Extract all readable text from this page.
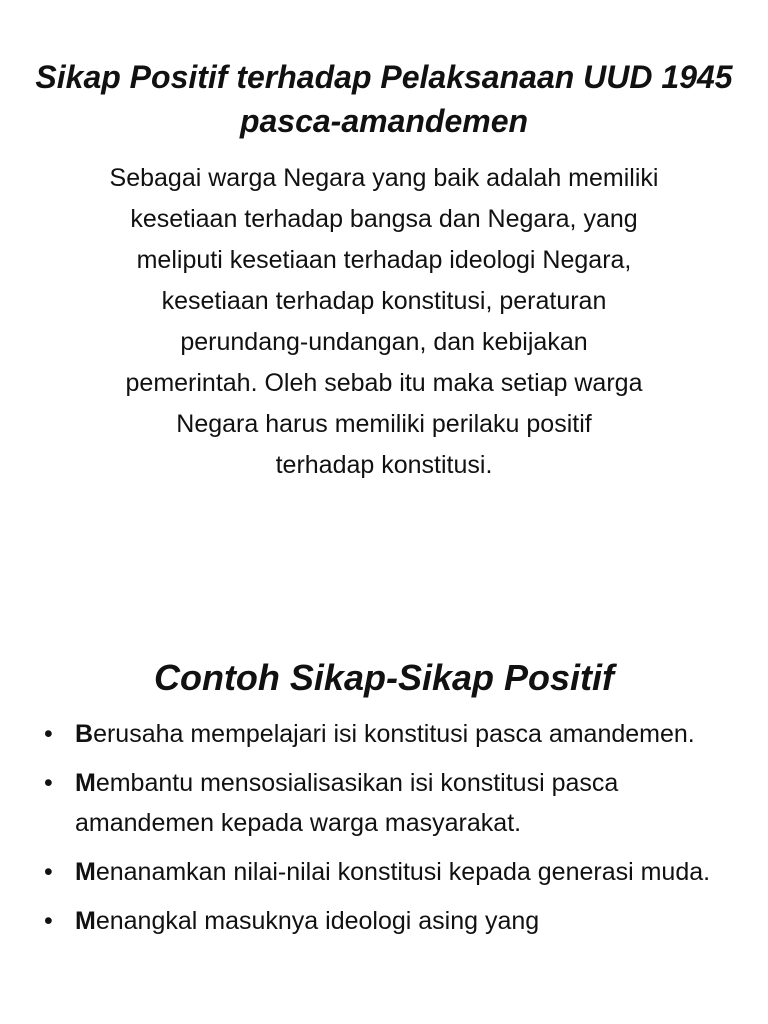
Sikap Positif terhadap Pelaksanaan UUD 1945 pasca-amandemen
Sebagai warga Negara yang baik adalah memiliki
kesetiaan terhadap bangsa dan Negara, yang
meliputi kesetiaan terhadap ideologi Negara,
kesetiaan terhadap konstitusi, peraturan
perundang-undangan, dan kebijakan
pemerintah. Oleh sebab itu maka setiap warga
Negara harus memiliki perilaku positif
terhadap konstitusi.
Contoh Sikap-Sikap Positif
• Berusaha mempelajari isi konstitusi pasca amandemen.
• Membantu mensosialisasikan isi konstitusi pasca amandemen kepada warga masyarakat.
• Menanamkan nilai-nilai konstitusi kepada generasi muda.
• Menangkal masuknya ideologi asing yang
